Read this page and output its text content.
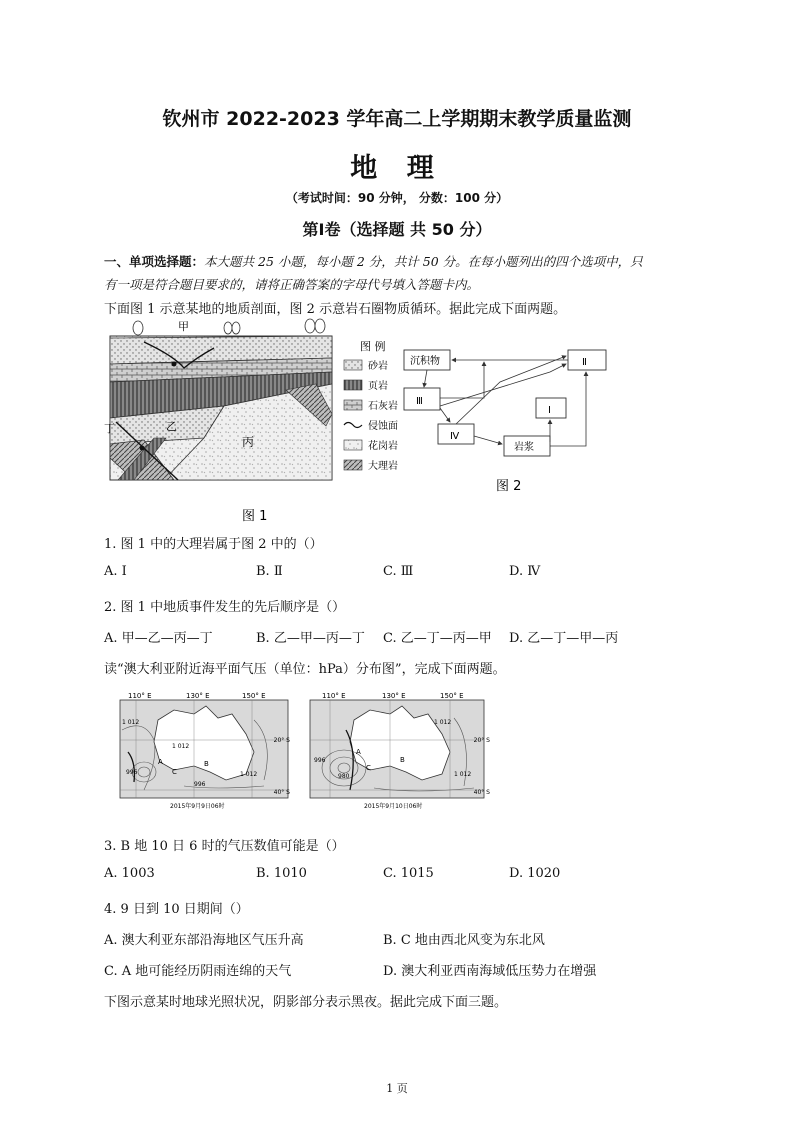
钦州市 2022-2023 学年高二上学期期末教学质量监测
地 理
（考试时间：90 分钟， 分数：100 分）
第Ⅰ卷（选择题 共 50 分）
一、单项选择题：本大题共 25 小题，每小题 2 分，共计 50 分。在每小题列出的四个选项中，只
有一项是符合题目要求的，请将正确答案的字母代号填入答题卡内。
下面图 1 示意某地的地质剖面，图 2 示意岩石圈物质循环。据此完成下面两题。
甲
乙
丙
丁
图 例
砂岩
页岩
石灰岩
侵蚀面
花岗岩
大理岩
图 1
沉积物	Ⅱ
Ⅲ
Ⅰ
Ⅳ
岩浆
图 2
1. 图 1 中的大理岩属于图 2 中的（）
A. Ⅰ	B. Ⅱ	C. Ⅲ	D. Ⅳ
2. 图 1 中地质事件发生的先后顺序是（）
A. 甲—乙—丙—丁	B. 乙—甲—丙—丁 C. 乙—丁—丙—甲 D. 乙—丁—甲—丙
读“澳大利亚附近海平面气压（单位：hPa）分布图”，完成下面两题。
110° E	130° E	150° E
20° S
40° S
1 012
1 012
1 012
996
996
A	B
C
2015年9月9日06时
110° E	130° E	150° E
20° S
40° S
1 012
1 012
996
980
A
B
C
2015年9月10日06时
3. B 地 10 日 6 时的气压数值可能是（）
A. 1003	B. 1010	C. 1015	D. 1020
4. 9 日到 10 日期间（）
A. 澳大利亚东部沿海地区气压升高	B. C 地由西北风变为东北风
C. A 地可能经历阴雨连绵的天气	D. 澳大利亚西南海域低压势力在增强
下图示意某时地球光照状况，阴影部分表示黑夜。据此完成下面三题。
1 页
